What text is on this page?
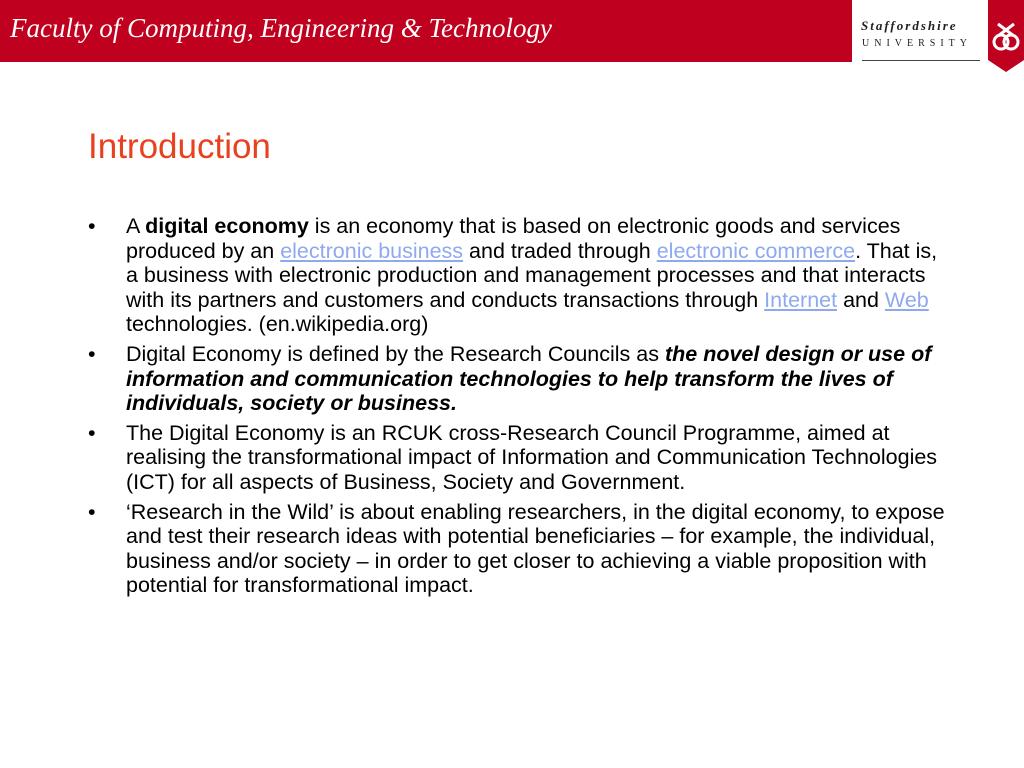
Faculty of Computing, Engineering & Technology	Staffordshire
UNIVERSITY
Introduction
• A digital economy is an economy that is based on electronic goods and services produced by an electronic business and traded through electronic commerce. That is, a business with electronic production and management processes and that interacts with its partners and customers and conducts transactions through Internet and Web technologies. (en.wikipedia.org)
• Digital Economy is defined by the Research Councils as the novel design or use of information and communication technologies to help transform the lives of individuals, society or business.
• The Digital Economy is an RCUK cross-Research Council Programme, aimed at realising the transformational impact of Information and Communication Technologies (ICT) for all aspects of Business, Society and Government.
• ‘Research in the Wild’ is about enabling researchers, in the digital economy, to expose and test their research ideas with potential beneficiaries – for example, the individual, business and/or society – in order to get closer to achieving a viable proposition with potential for transformational impact.
